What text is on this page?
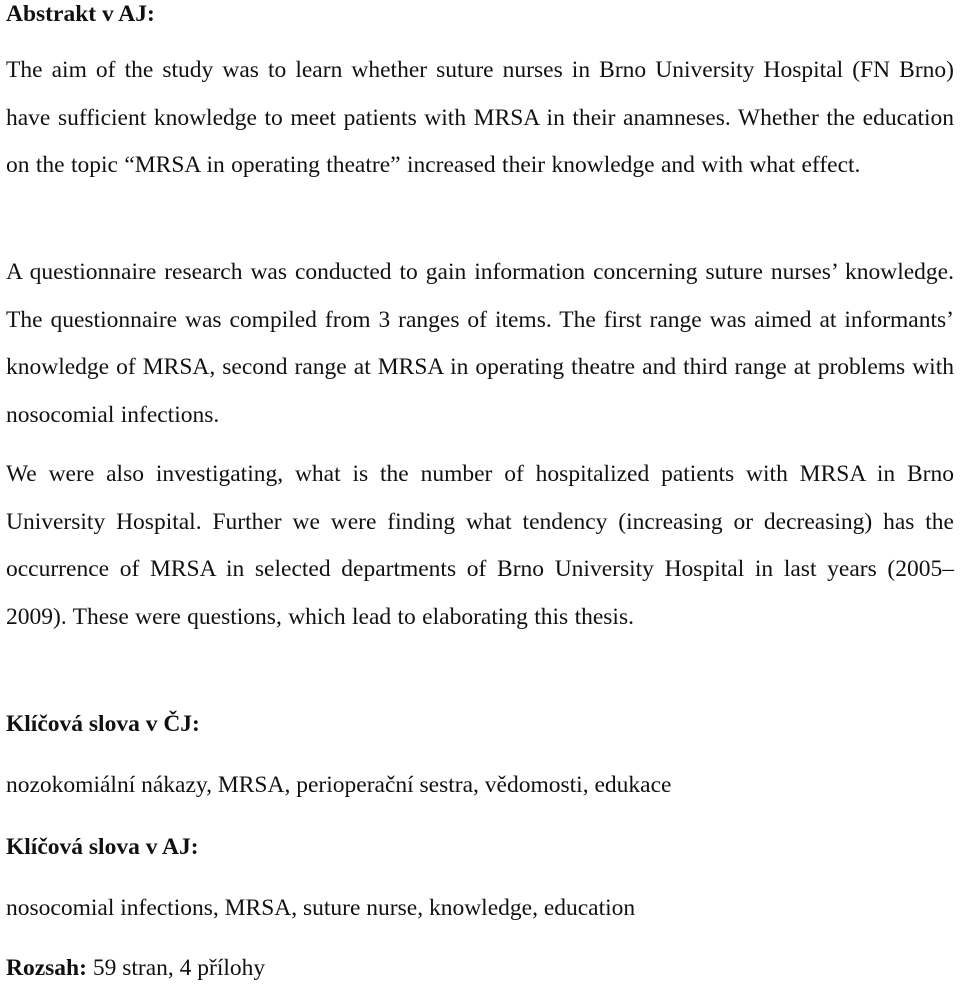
Abstrakt v AJ:

The aim of the study was to learn whether suture nurses in Brno University Hospital (FN Brno) have sufficient knowledge to meet patients with MRSA in their anamneses. Whether the education on the topic “MRSA in operating theatre” increased their knowledge and with what effect.

A questionnaire research was conducted to gain information concerning suture nurses’ knowledge. The questionnaire was compiled from 3 ranges of items. The first range was aimed at informants’ knowledge of MRSA, second range at MRSA in operating theatre and third range at problems with nosocomial infections.

We were also investigating, what is the number of hospitalized patients with MRSA in Brno University Hospital. Further we were finding what tendency (increasing or decreasing) has the occurrence of MRSA in selected departments of Brno University Hospital in last years (2005–2009). These were questions, which lead to elaborating this thesis.

Klíčová slova v ČJ:

nozokomiální nákazy, MRSA, perioperační sestra, vědomosti, edukace

Klíčová slova v AJ:

nosocomial infections, MRSA, suture nurse, knowledge, education

Rozsah: 59 stran, 4 přílohy
